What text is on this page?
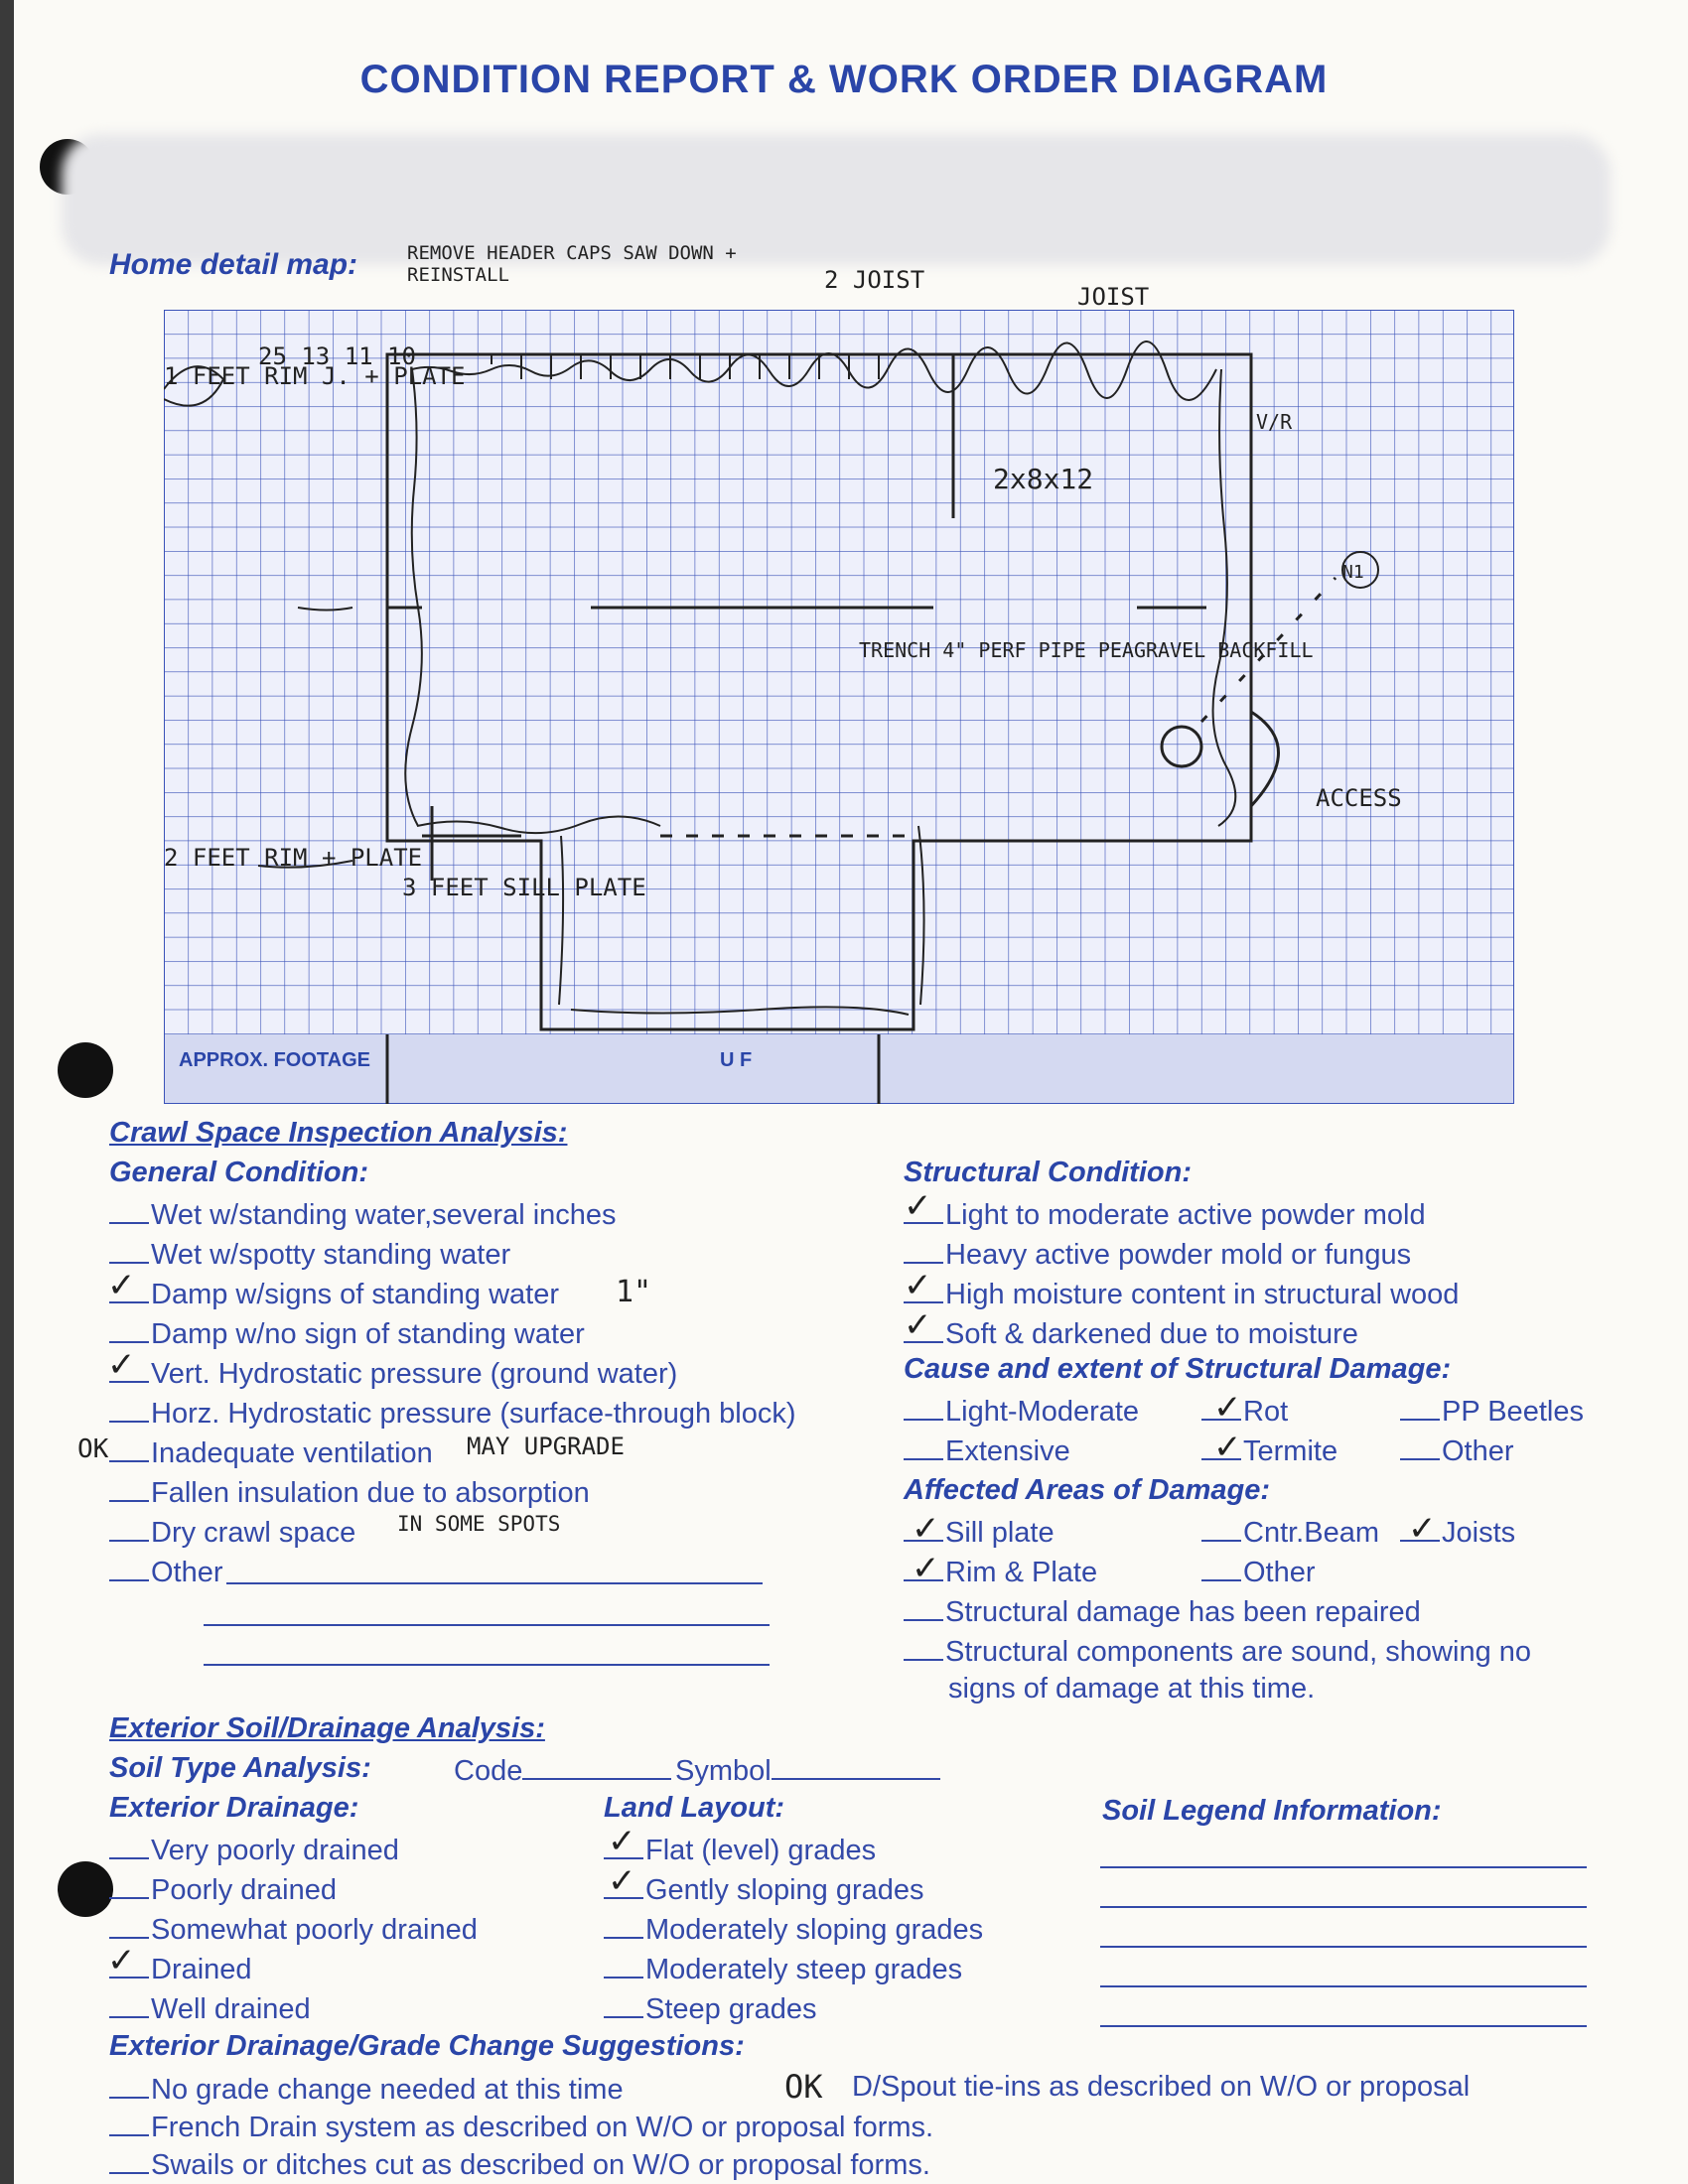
CONDITION REPORT & WORK ORDER DIAGRAM
Home detail map:
APPROX. FOOTAGE	U F
25 13 11 10
1 FEET RIM J. + PLATE
2 FEET RIM + PLATE
3 FEET SILL PLATE
2x8x12
TRENCH 4" PERF PIPE PEAGRAVEL BACKFILL
ACCESS
N1
V/R
REMOVE HEADER CAPS SAW DOWN + REINSTALL	2 JOIST
JOIST
Crawl Space Inspection Analysis:
General Condition:
Wet w/standing water,several inches
Wet w/spotty standing water
Damp w/signs of standing water
Damp w/no sign of standing water
Vert. Hydrostatic pressure (ground water)
Horz. Hydrostatic pressure (surface-through block)
Inadequate ventilation
Fallen insulation due to absorption
Dry crawl space
Other
1"
OK	MAY UPGRADE
IN SOME SPOTS
Structural Condition:
Light to moderate active powder mold
Heavy active powder mold or fungus
High moisture content in structural wood
Soft & darkened due to moisture
Cause and extent of Structural Damage:
Light-Moderate	Rot	PP Beetles
Extensive	Termite	Other
Affected Areas of Damage:
Sill plate	Cntr.Beam	Joists
Rim & Plate	Other
Structural damage has been repaired
Structural components are sound, showing no
signs of damage at this time.
Exterior Soil/Drainage Analysis:
Soil Type Analysis:	Code	Symbol
Exterior Drainage:
Very poorly drained
Poorly drained
Somewhat poorly drained
Drained
Well drained
Land Layout:
Flat (level) grades
Gently sloping grades
Moderately sloping grades
Moderately steep grades
Steep grades
Soil Legend Information:
Exterior Drainage/Grade Change Suggestions:
No grade change needed at this time
French Drain system as described on W/O or proposal forms.
Swails or ditches cut as described on W/O or proposal forms.
OK D/Spout tie-ins as described on W/O or proposal
✓
✓
✓
✓
✓
✓
✓
✓	✓
✓
✓
✓
✓
